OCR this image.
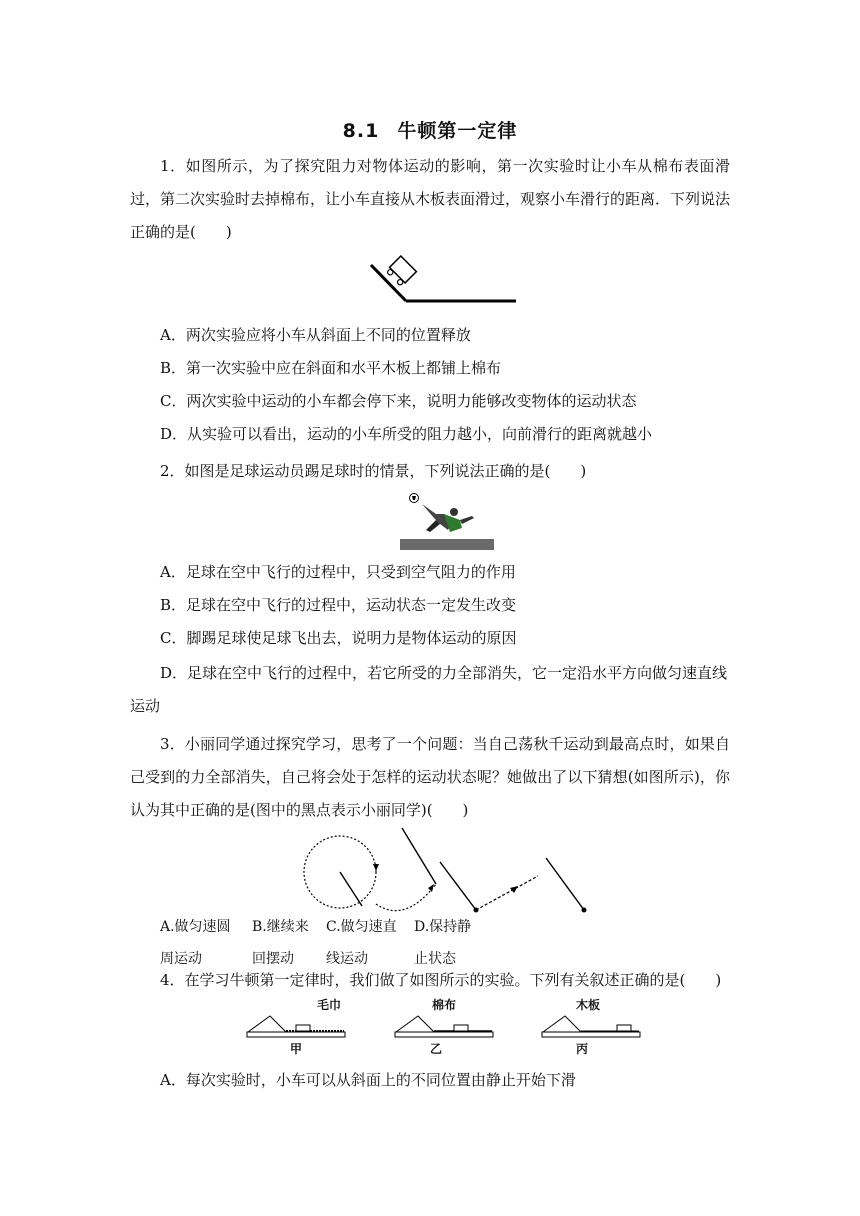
8.1 牛顿第一定律
1．如图所示，为了探究阻力对物体运动的影响，第一次实验时让小车从棉布表面滑过，第二次实验时去掉棉布，让小车直接从木板表面滑过，观察小车滑行的距离．下列说法正确的是(　　)
A．两次实验应将小车从斜面上不同的位置释放
B．第一次实验中应在斜面和水平木板上都铺上棉布
C．两次实验中运动的小车都会停下来，说明力能够改变物体的运动状态
D．从实验可以看出，运动的小车所受的阻力越小，向前滑行的距离就越小
2．如图是足球运动员踢足球时的情景，下列说法正确的是(　　)
A．足球在空中飞行的过程中，只受到空气阻力的作用
B．足球在空中飞行的过程中，运动状态一定发生改变
C．脚踢足球使足球飞出去，说明力是物体运动的原因
D．足球在空中飞行的过程中，若它所受的力全部消失，它一定沿水平方向做匀速直线运动
3．小丽同学通过探究学习，思考了一个问题：当自己荡秋千运动到最高点时，如果自己受到的力全部消失，自己将会处于怎样的运动状态呢？她做出了以下猜想(如图所示)，你认为其中正确的是(图中的黑点表示小丽同学)(　　)
A.做匀速圆
周运动
B.继续来
回摆动
C.做匀速直
线运动
D.保持静
止状态
4．在学习牛顿第一定律时，我们做了如图所示的实验。下列有关叙述正确的是(　　)
毛巾	棉布	木板
甲	乙	丙
A．每次实验时，小车可以从斜面上的不同位置由静止开始下滑
